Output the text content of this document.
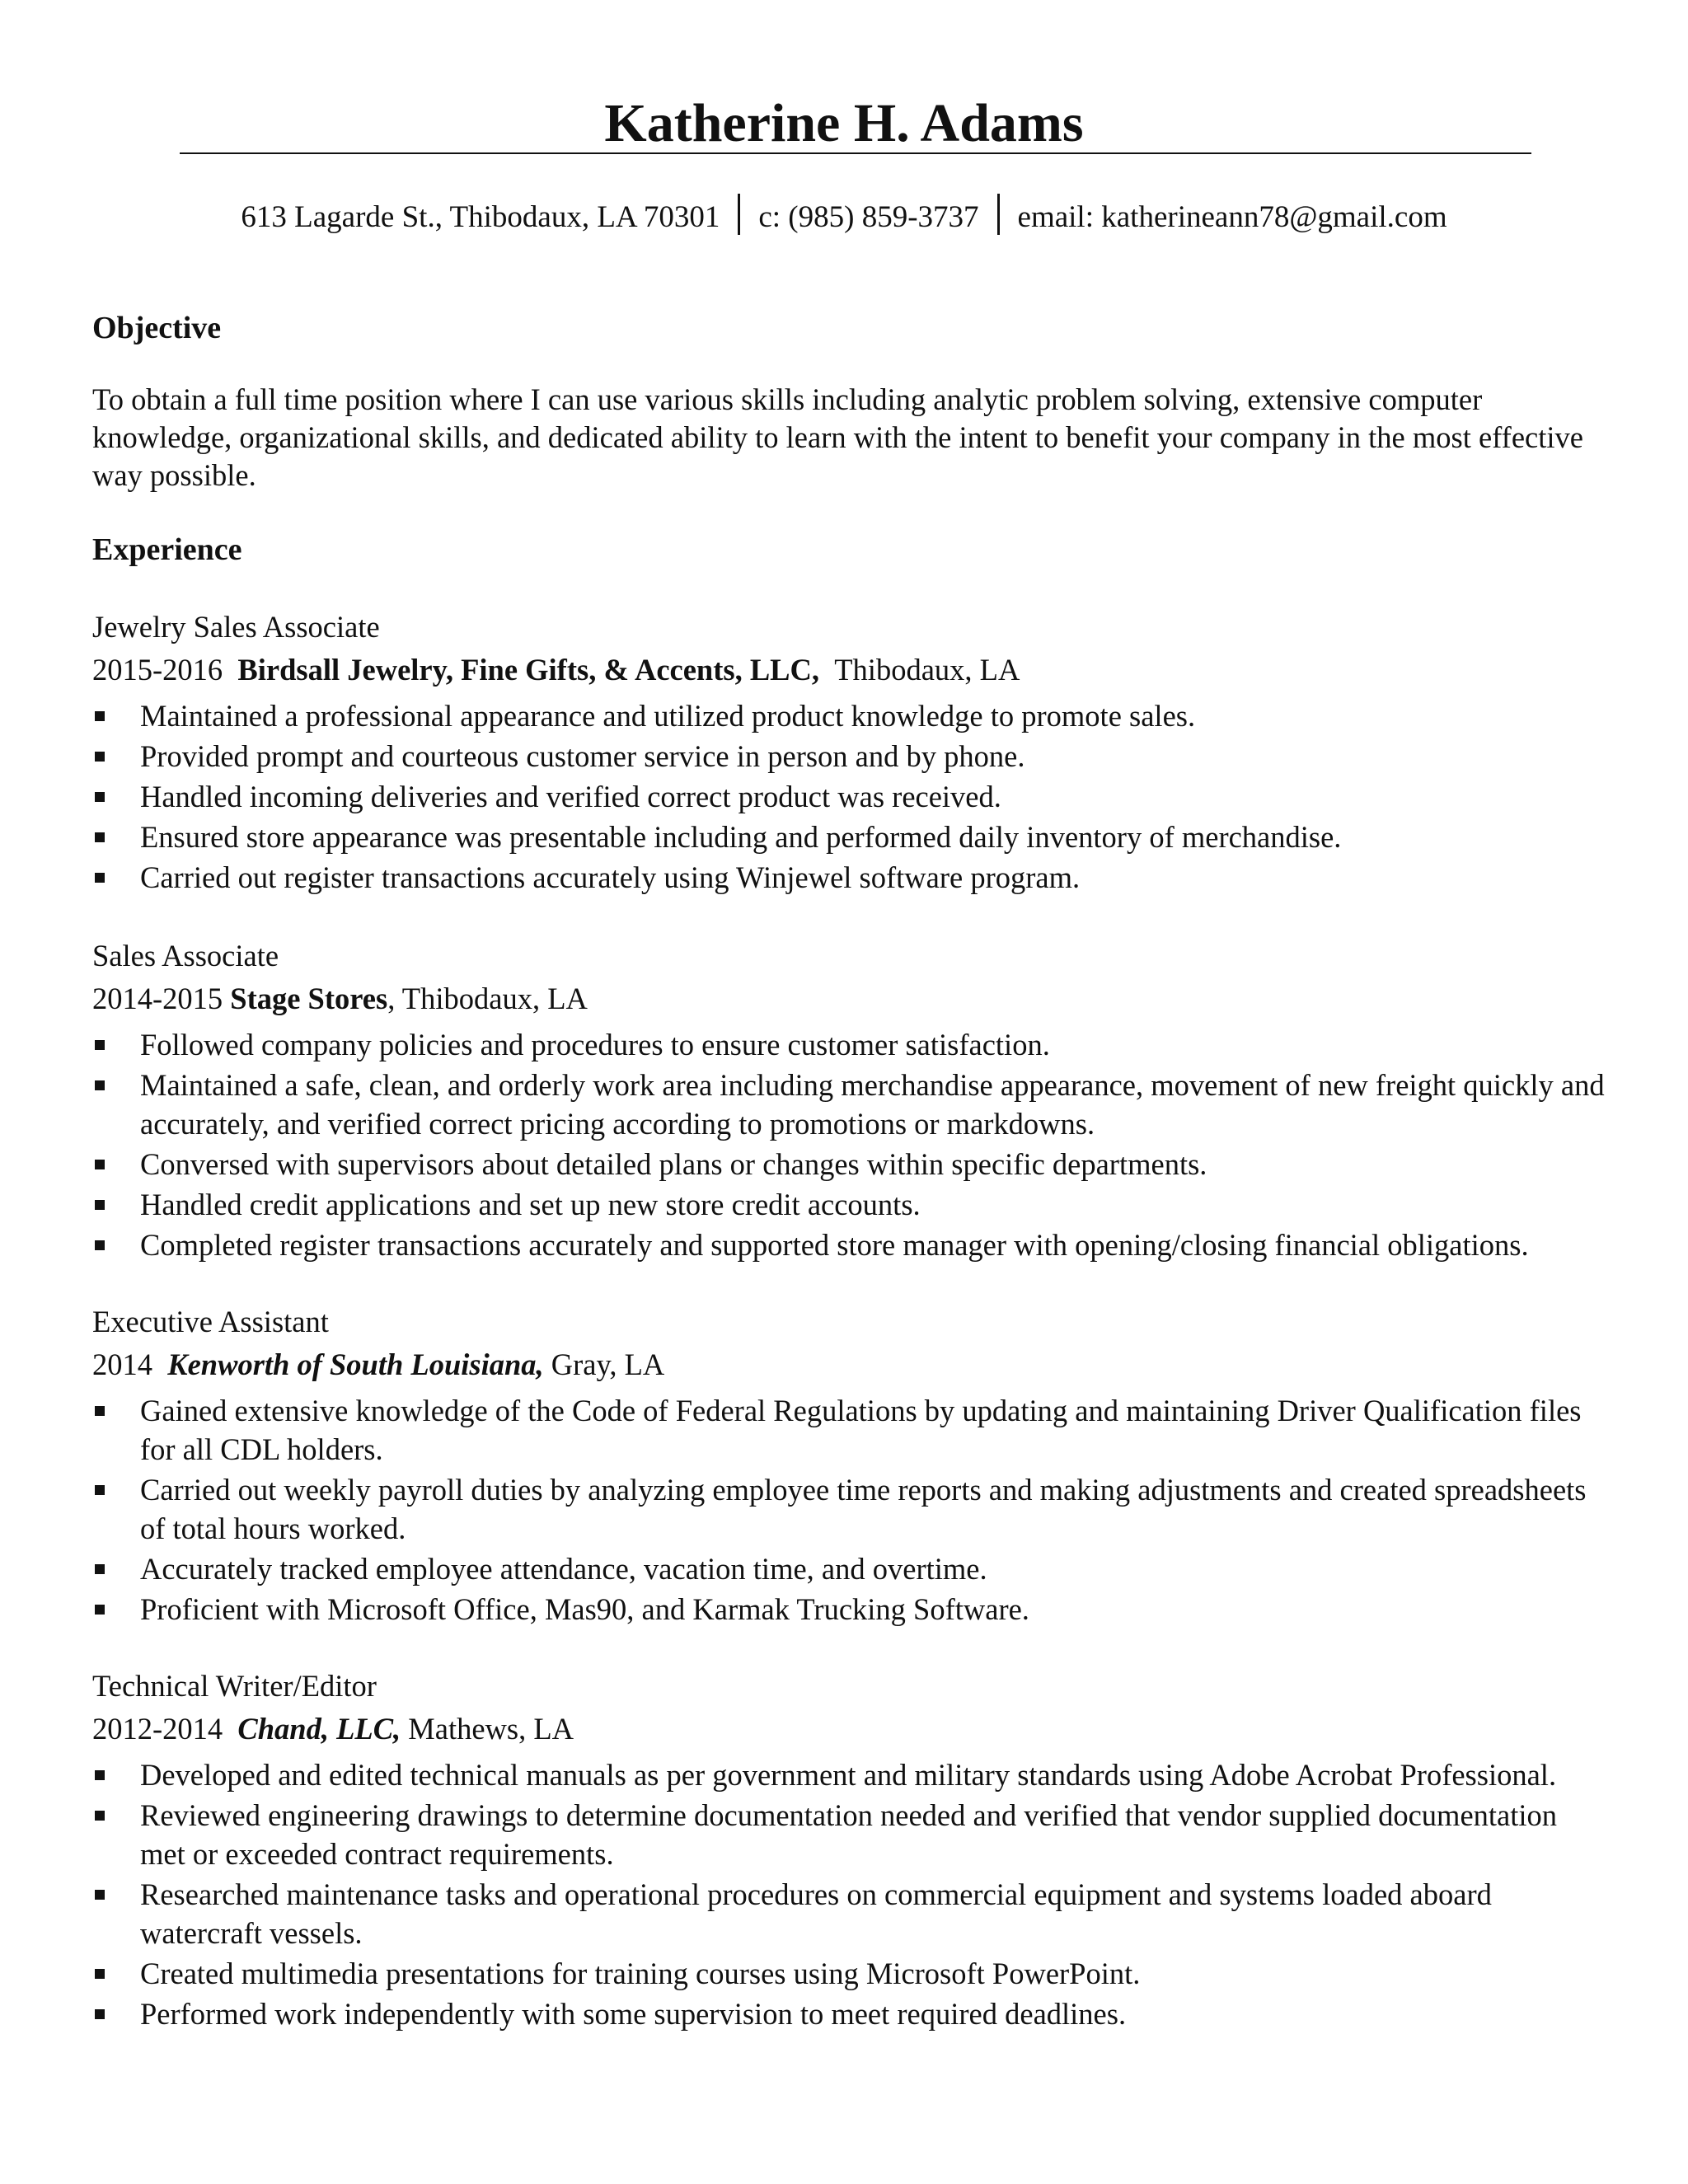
Katherine H. Adams
613 Lagarde St., Thibodaux, LA 70301 c: (985) 859-3737 email: katherineann78@gmail.com
Objective

To obtain a full time position where I can use various skills including analytic problem solving, extensive computer knowledge, organizational skills, and dedicated ability to learn with the intent to benefit your company in the most effective way possible.

Experience
Jewelry Sales Associate
2015-2016 Birdsall Jewelry, Fine Gifts, & Accents, LLC, Thibodaux, LA
Maintained a professional appearance and utilized product knowledge to promote sales.
Provided prompt and courteous customer service in person and by phone.
Handled incoming deliveries and verified correct product was received.
Ensured store appearance was presentable including and performed daily inventory of merchandise.
Carried out register transactions accurately using Winjewel software program.
Sales Associate
2014-2015 Stage Stores, Thibodaux, LA
Followed company policies and procedures to ensure customer satisfaction.
Maintained a safe, clean, and orderly work area including merchandise appearance, movement of new freight quickly and accurately, and verified correct pricing according to promotions or markdowns.
Conversed with supervisors about detailed plans or changes within specific departments.
Handled credit applications and set up new store credit accounts.
Completed register transactions accurately and supported store manager with opening/closing financial obligations.
Executive Assistant
2014 Kenworth of South Louisiana, Gray, LA
Gained extensive knowledge of the Code of Federal Regulations by updating and maintaining Driver Qualification files for all CDL holders.
Carried out weekly payroll duties by analyzing employee time reports and making adjustments and created spreadsheets of total hours worked.
Accurately tracked employee attendance, vacation time, and overtime.
Proficient with Microsoft Office, Mas90, and Karmak Trucking Software.
Technical Writer/Editor
2012-2014 Chand, LLC, Mathews, LA
Developed and edited technical manuals as per government and military standards using Adobe Acrobat Professional.
Reviewed engineering drawings to determine documentation needed and verified that vendor supplied documentation met or exceeded contract requirements.
Researched maintenance tasks and operational procedures on commercial equipment and systems loaded aboard watercraft vessels.
Created multimedia presentations for training courses using Microsoft PowerPoint.
Performed work independently with some supervision to meet required deadlines.
